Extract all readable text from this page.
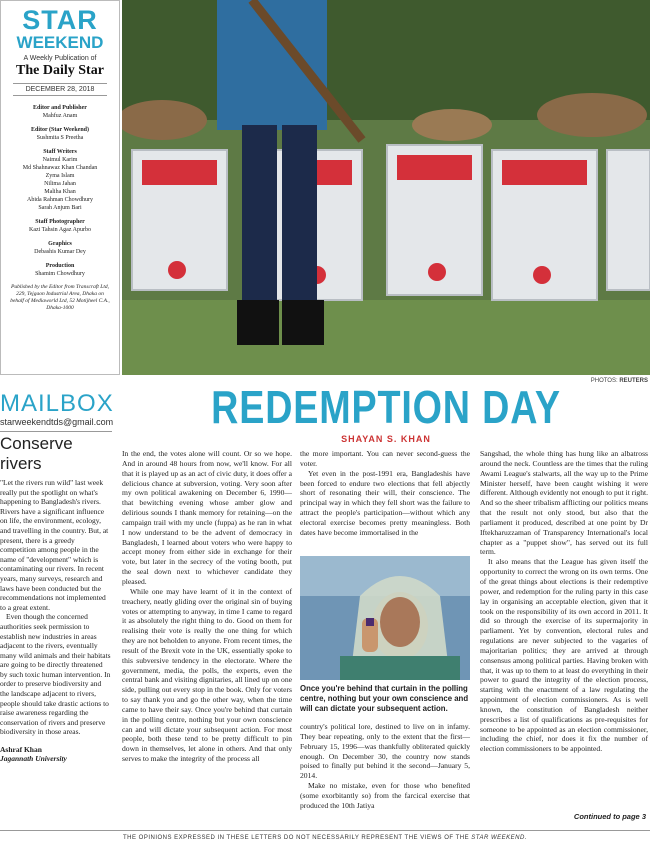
STAR
WEEKEND
A Weekly Publication of
The Daily Star
DECEMBER 28, 2018
Editor and Publisher
Mahfuz Anam
Editor (Star Weekend)
Sushmita S Preetha
Staff Writers
Naimul Karim
Md Shahnawaz Khan Chandan
Zyma Islam
Nilima Jahan
Maliha Khan
Abida Rahman Chowdhury
Sarah Anjum Bari
Staff Photographer
Kazi Tahsin Agaz Apurbo
Graphics
Debashis Kumar Dey
Production
Shamim Chowdhury
Published by the Editor from Transcraft Ltd, 229, Tejgaon Industrial Area, Dhaka on behalf of Mediaworld Ltd, 52 Motijheel C.A., Dhaka-1000
PHOTOS: REUTERS
MAILBOX
starweekendtds@gmail.com
Conserve rivers

"Let the rivers run wild" last week really put the spotlight on what's happening to Bangladesh's rivers. Rivers have a significant influence on life, the environment, ecology, and travelling in the country. But, at present, there is a greedy competition among people in the name of "development" which is contaminating our rivers. In recent years, many surveys, research and laws have been conducted but the recommendations not implemented to a great extent.

Even though the concerned authorities seek permission to establish new industries in areas adjacent to the rivers, eventually many wild animals and their habitats are going to be directly threatened by such toxic human intervention. In order to preserve biodiversity and the landscape adjacent to rivers, people should take drastic actions to raise awareness regarding the conservation of rivers and preserve biodiversity in those areas.

Ashraf Khan
Jagannath University
REDEMPTION DAY
SHAYAN S. KHAN

In the end, the votes alone will count. Or so we hope. And in around 48 hours from now, we'll know. For all that it is played up as an act of civic duty, it does offer a delicious chance at subversion, voting. Very soon after my own political awakening on December 6, 1990—that bewitching evening whose amber glow and delirious sounds I thank memory for retaining—on the campaign trail with my uncle (fuppa) as he ran in what I now understand to be the advent of democracy in Bangladesh, I learned about voters who were happy to accept money from either side in exchange for their vote, but later in the secrecy of the voting booth, put the seal down next to whichever candidate they pleased.

While one may have learnt of it in the context of treachery, neatly gliding over the original sin of buying votes or attempting to anyway, in time I came to regard it as absolutely the right thing to do. Good on them for realising their vote is really the one thing for which they are not beholden to anyone. From recent times, the result of the Brexit vote in the UK, essentially spoke to this subversive tendency in the electorate. Where the government, media, the polls, the experts, even the central bank and visiting dignitaries, all lined up on one side, pulling out every stop in the book. Only for voters to say thank you and go the other way, when the time came to have their say. Once you're behind that curtain in the polling centre, nothing but your own conscience can and will dictate your subsequent action. For most people, both these tend to be pretty difficult to pin down in themselves, let alone in others. And that only serves to make the integrity of the process all

the more important. You can never second-guess the voter.

Yet even in the post-1991 era, Bangladeshis have been forced to endure two elections that fell abjectly short of resonating their will, their conscience. The principal way in which they fell short was the failure to attract the people's participation—without which any electoral exercise becomes pretty meaningless. Both dates have become immortalised in the

Once you're behind that curtain in the polling centre, nothing but your own conscience and will can dictate your subsequent action.

country's political lore, destined to live on in infamy. They bear repeating, only to the extent that the first—February 15, 1996—was thankfully obliterated quickly enough. On December 30, the country now stands poised to finally put behind it the second—January 5, 2014.

Make no mistake, even for those who benefited (some exorbitantly so) from the farcical exercise that produced the 10th Jatiya

Sangshad, the whole thing has hung like an albatross around the neck. Countless are the times that the ruling Awami League's stalwarts, all the way up to the Prime Minister herself, have been caught wishing it were different. Although evidently not enough to put it right. And so the sheer tribalism afflicting our politics means that the result not only stood, but also that the parliament it produced, described at one point by Dr Iftekharuzzaman of Transparency International's local chapter as a "puppet show", has served out its full term.

It also means that the League has given itself the opportunity to correct the wrong on its own terms. One of the great things about elections is their redemptive power, and redemption for the ruling party in this case lay in organising an acceptable election, given that it took on the responsibility of its own accord in 2011. It did so through the exercise of its supermajority in parliament. Yet by convention, electoral rules and regulations are never subjected to the vagaries of majoritarian politics; they are arrived at through consensus among political parties. Having broken with that, it was up to them to at least do everything in their power to guard the integrity of the election process, starting with the enactment of a law regulating the appointment of election commissioners. As is well known, the constitution of Bangladesh neither prescribes a list of qualifications as pre-requisites for someone to be appointed as an election commissioner, including the chief, nor does it fix the number of election commissioners to be appointed.

Continued to page 3
THE OPINIONS EXPRESSED IN THESE LETTERS DO NOT NECESSARILY REPRESENT THE VIEWS OF THE STAR WEEKEND.
